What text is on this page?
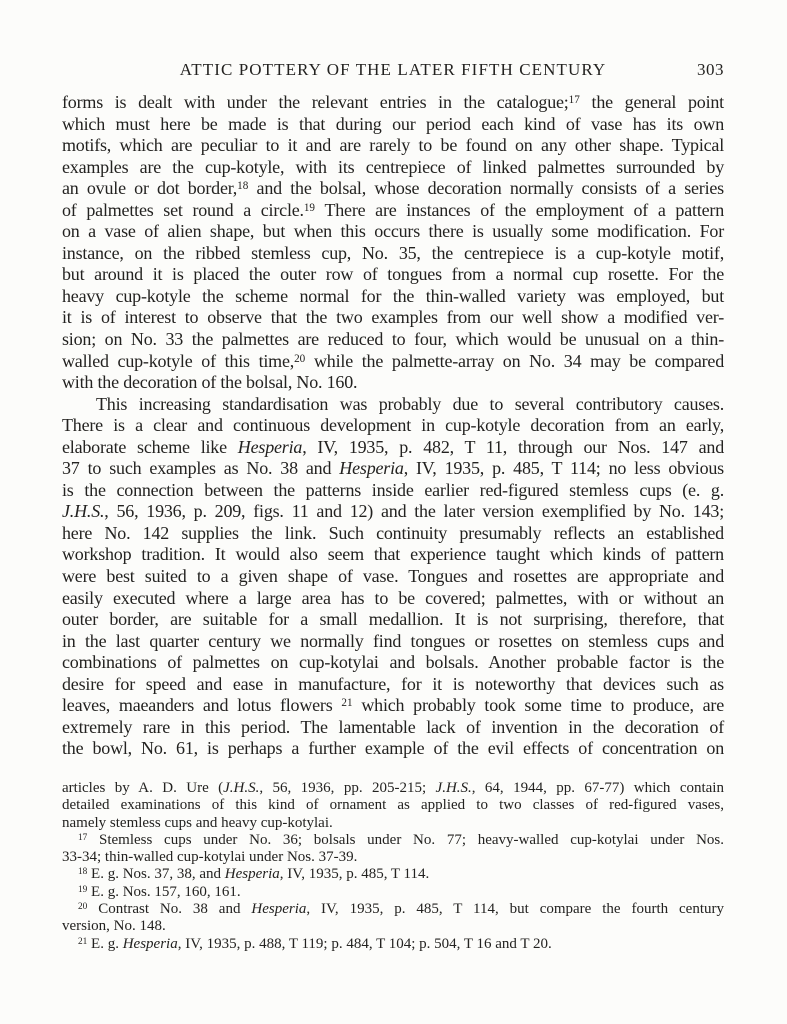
ATTIC POTTERY OF THE LATER FIFTH CENTURY	303
forms is dealt with under the relevant entries in the catalogue;$^{17}$ the general point
which must here be made is that during our period each kind of vase has its own
motifs, which are peculiar to it and are rarely to be found on any other shape. Typical
examples are the cup-kotyle, with its centrepiece of linked palmettes surrounded by
an ovule or dot border,$^{18}$ and the bolsal, whose decoration normally consists of a series
of palmettes set round a circle.$^{19}$ There are instances of the employment of a pattern
on a vase of alien shape, but when this occurs there is usually some modification. For
instance, on the ribbed stemless cup, No. 35, the centrepiece is a cup-kotyle motif,
but around it is placed the outer row of tongues from a normal cup rosette. For the
heavy cup-kotyle the scheme normal for the thin-walled variety was employed, but
it is of interest to observe that the two examples from our well show a modified ver-
sion; on No. 33 the palmettes are reduced to four, which would be unusual on a thin-
walled cup-kotyle of this time,$^{20}$ while the palmette-array on No. 34 may be compared
with the decoration of the bolsal, No. 160.
This increasing standardisation was probably due to several contributory causes.
There is a clear and continuous development in cup-kotyle decoration from an early,
elaborate scheme like Hesperia, IV, 1935, p. 482, T 11, through our Nos. 147 and
37 to such examples as No. 38 and Hesperia, IV, 1935, p. 485, T 114; no less obvious
is the connection between the patterns inside earlier red-figured stemless cups (e. g.
J.H.S., 56, 1936, p. 209, figs. 11 and 12) and the later version exemplified by No. 143;
here No. 142 supplies the link. Such continuity presumably reflects an established
workshop tradition. It would also seem that experience taught which kinds of pattern
were best suited to a given shape of vase. Tongues and rosettes are appropriate and
easily executed where a large area has to be covered; palmettes, with or without an
outer border, are suitable for a small medallion. It is not surprising, therefore, that
in the last quarter century we normally find tongues or rosettes on stemless cups and
combinations of palmettes on cup-kotylai and bolsals. Another probable factor is the
desire for speed and ease in manufacture, for it is noteworthy that devices such as
leaves, maeanders and lotus flowers $^{21}$ which probably took some time to produce, are
extremely rare in this period. The lamentable lack of invention in the decoration of
the bowl, No. 61, is perhaps a further example of the evil effects of concentration on
articles by A. D. Ure (J.H.S., 56, 1936, pp. 205-215; J.H.S., 64, 1944, pp. 67-77) which contain
detailed examinations of this kind of ornament as applied to two classes of red-figured vases,
namely stemless cups and heavy cup-kotylai.
$^{17}$ Stemless cups under No. 36; bolsals under No. 77; heavy-walled cup-kotylai under Nos.
33-34; thin-walled cup-kotylai under Nos. 37-39.
$^{18}$ E. g. Nos. 37, 38, and Hesperia, IV, 1935, p. 485, T 114.
$^{19}$ E. g. Nos. 157, 160, 161.
$^{20}$ Contrast No. 38 and Hesperia, IV, 1935, p. 485, T 114, but compare the fourth century
version, No. 148.
$^{21}$ E. g. Hesperia, IV, 1935, p. 488, T 119; p. 484, T 104; p. 504, T 16 and T 20.
